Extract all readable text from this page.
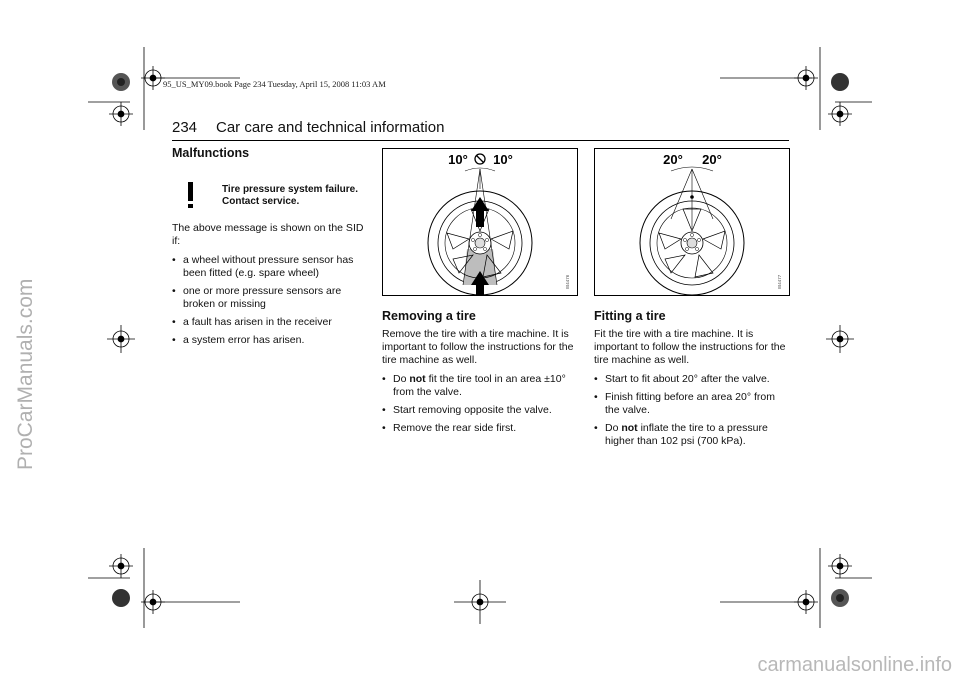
ProCarManuals.com
95_US_MY09.book Page 234 Tuesday, April 15, 2008 11:03 AM
234 Car care and technical information
Malfunctions
Tire pressure system failure. Contact service.

The above message is shown on the SID if:

• a wheel without pressure sensor has been fitted (e.g. spare wheel)
• one or more pressure sensors are broken or missing
• a fault has arisen in the receiver
• a system error has arisen.
10° 10°
IB4476
20° 20°
IB4477
Removing a tire

Remove the tire with a tire machine. It is important to follow the instructions for the tire machine as well.

• Do not fit the tire tool in an area ±10° from the valve.
• Start removing opposite the valve.
• Remove the rear side first.
Fitting a tire

Fit the tire with a tire machine. It is important to follow the instructions for the tire machine as well.

• Start to fit about 20° after the valve.
• Finish fitting before an area 20° from the valve.
• Do not inflate the tire to a pressure higher than 102 psi (700 kPa).
carmanualsonline.info
